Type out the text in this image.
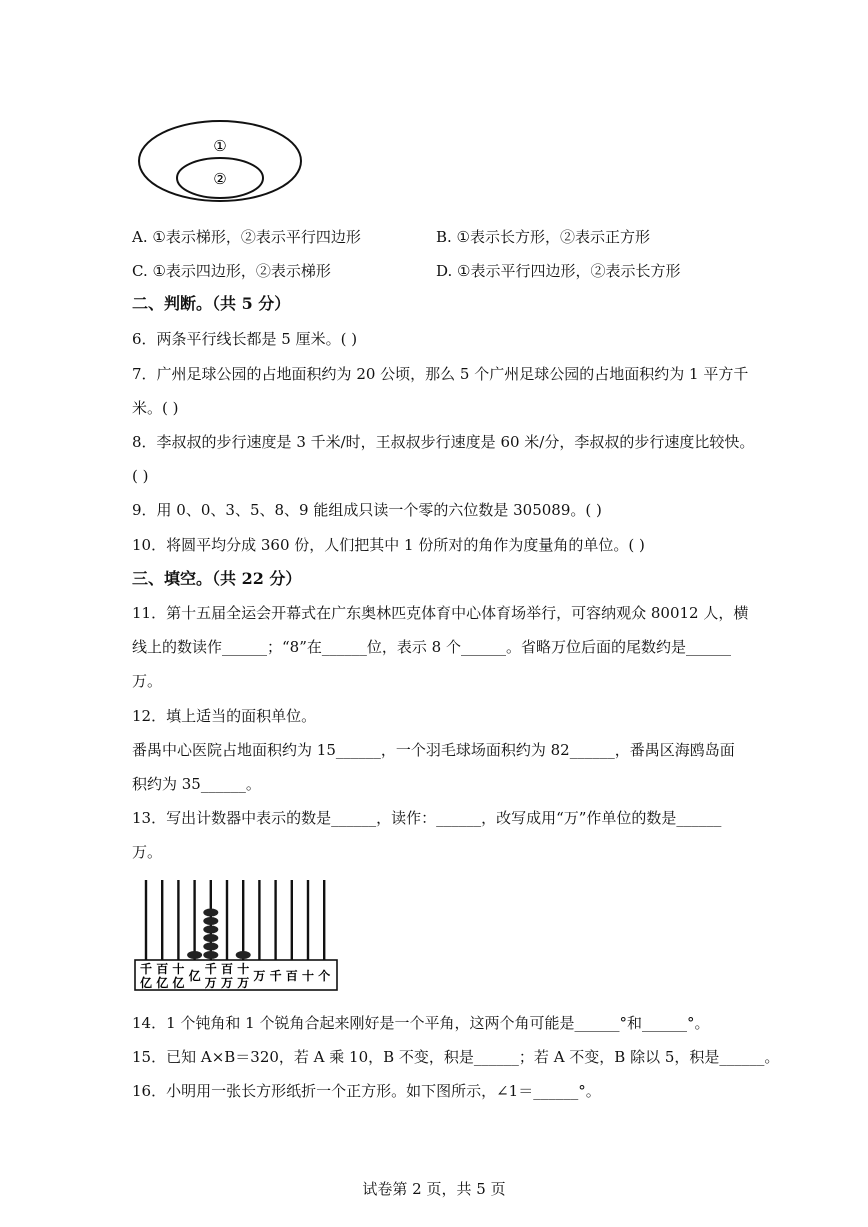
①
②
A. ①表示梯形，②表示平行四边形	B. ①表示长方形，②表示正方形
C. ①表示四边形，②表示梯形	D. ①表示平行四边形，②表示长方形
二、判断。（共 5 分）
6．两条平行线长都是 5 厘米。( )
7．广州足球公园的占地面积约为 20 公顷，那么 5 个广州足球公园的占地面积约为 1 平方千
米。( )
8．李叔叔的步行速度是 3 千米/时，王叔叔步行速度是 60 米/分，李叔叔的步行速度比较快。
( )
9．用 0、0、3、5、8、9 能组成只读一个零的六位数是 305089。( )
10．将圆平均分成 360 份，人们把其中 1 份所对的角作为度量角的单位。( )
三、填空。（共 22 分）
11．第十五届全运会开幕式在广东奥林匹克体育中心体育场举行，可容纳观众 80012 人，横
线上的数读作______；“8”在______位，表示 8 个______。省略万位后面的尾数约是______
万。
12．填上适当的面积单位。
番禺中心医院占地面积约为 15______，一个羽毛球场面积约为 82______，番禺区海鸥岛面
积约为 35______。
13．写出计数器中表示的数是______，读作：______，改写成用“万”作单位的数是______
万。
千
亿
百
亿
十
亿 亿 千
万
百
万
十
万 万 千 百 十 个
14．1 个钝角和 1 个锐角合起来刚好是一个平角，这两个角可能是______°和______°。
15．已知 A×B＝320，若 A 乘 10，B 不变，积是______；若 A 不变，B 除以 5，积是______。
16．小明用一张长方形纸折一个正方形。如下图所示，∠1＝______°。
试卷第 2 页，共 5 页
